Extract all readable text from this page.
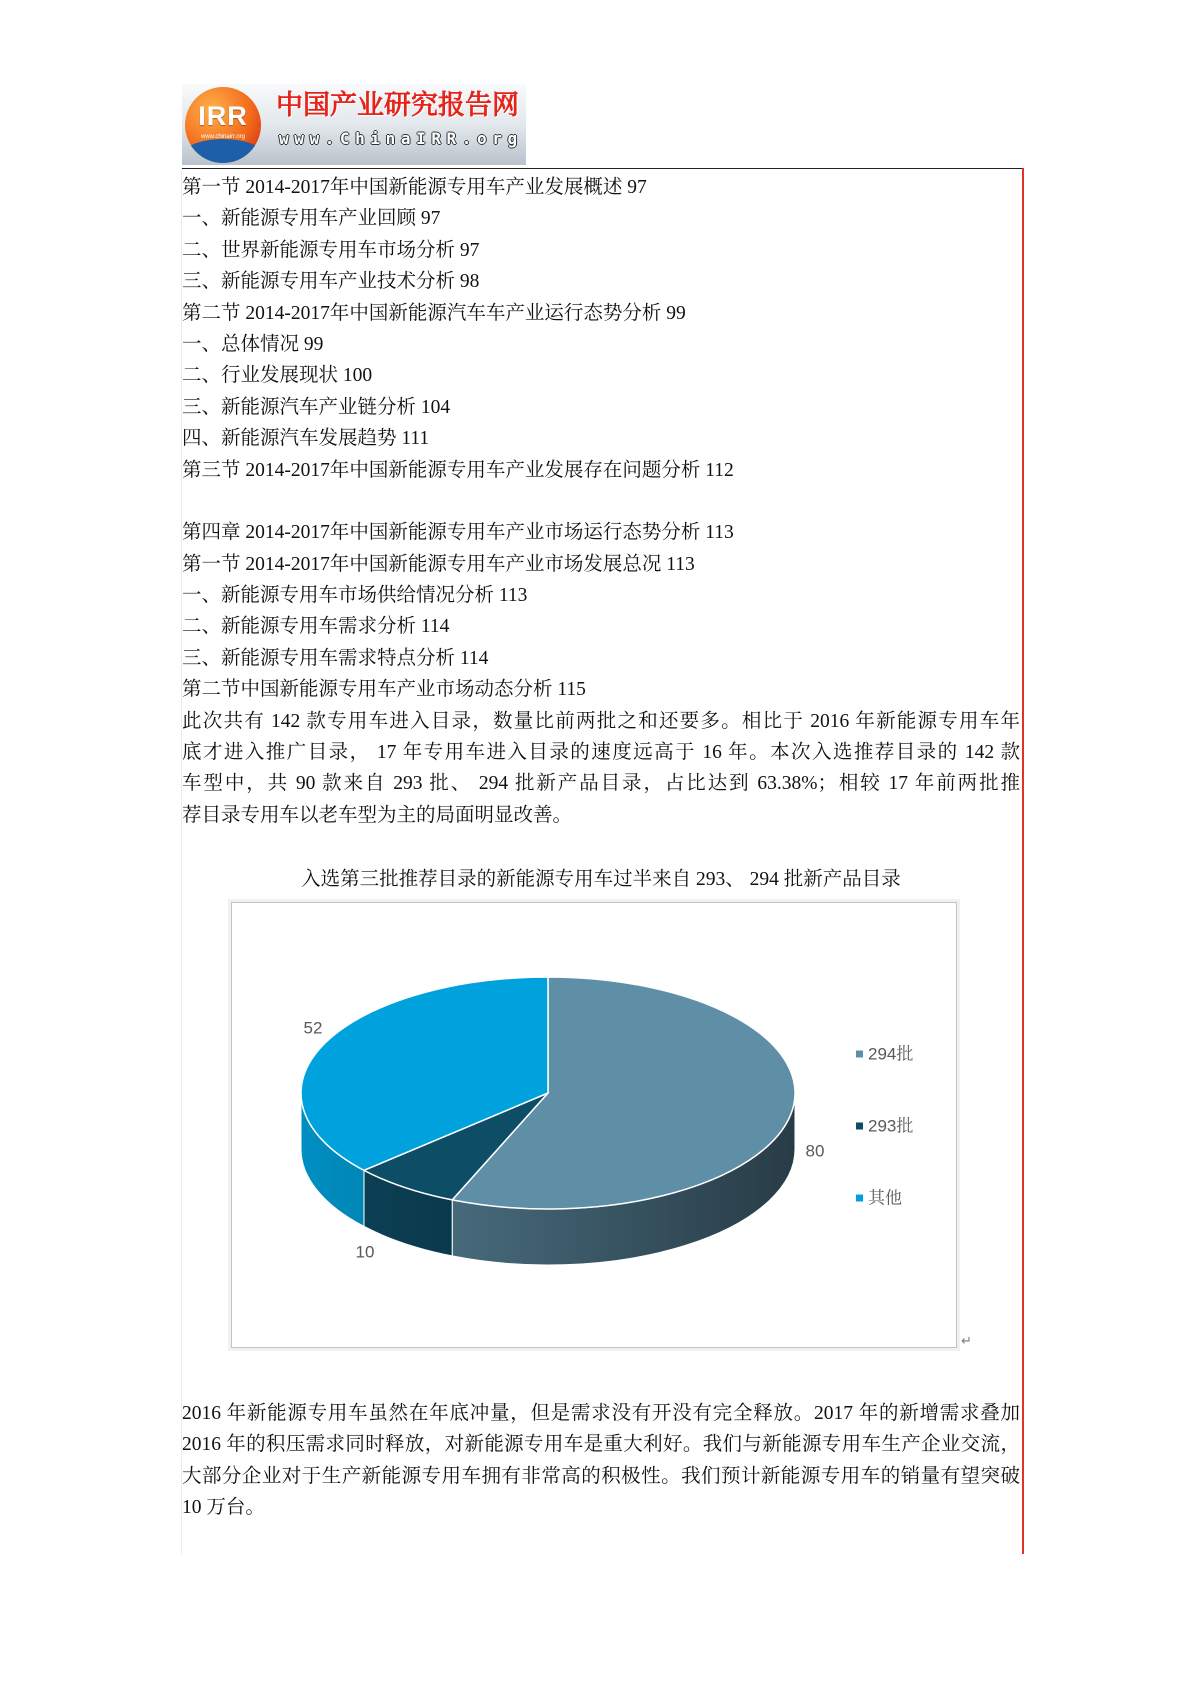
IRR
www.chinairr.org
中国产业研究报告网
www.ChinaIRR.org
第一节 2014-2017年中国新能源专用车产业发展概述 97
一、新能源专用车产业回顾 97
二、世界新能源专用车市场分析 97
三、新能源专用车产业技术分析 98
第二节 2014-2017年中国新能源汽车车产业运行态势分析 99
一、总体情况 99
二、行业发展现状 100
三、新能源汽车产业链分析 104
四、新能源汽车发展趋势 111
第三节 2014-2017年中国新能源专用车产业发展存在问题分析 112
第四章 2014-2017年中国新能源专用车产业市场运行态势分析 113
第一节 2014-2017年中国新能源专用车产业市场发展总况 113
一、新能源专用车市场供给情况分析 113
二、新能源专用车需求分析 114
三、新能源专用车需求特点分析 114
第二节中国新能源专用车产业市场动态分析 115
此次共有 142 款专用车进入目录，数量比前两批之和还要多。相比于 2016 年新能源专用车年
底才进入推广目录， 17 年专用车进入目录的速度远高于 16 年。本次入选推荐目录的 142 款
车型中，共 90 款来自 293 批、 294 批新产品目录，占比达到 63.38%；相较 17 年前两批推
荐目录专用车以老车型为主的局面明显改善。
入选第三批推荐目录的新能源专用车过半来自 293、 294 批新产品目录
80
10
52
294批
293批
其他
↵
2016 年新能源专用车虽然在年底冲量，但是需求没有开没有完全释放。2017 年的新增需求叠加
2016 年的积压需求同时释放，对新能源专用车是重大利好。我们与新能源专用车生产企业交流，
大部分企业对于生产新能源专用车拥有非常高的积极性。我们预计新能源专用车的销量有望突破
10 万台。
